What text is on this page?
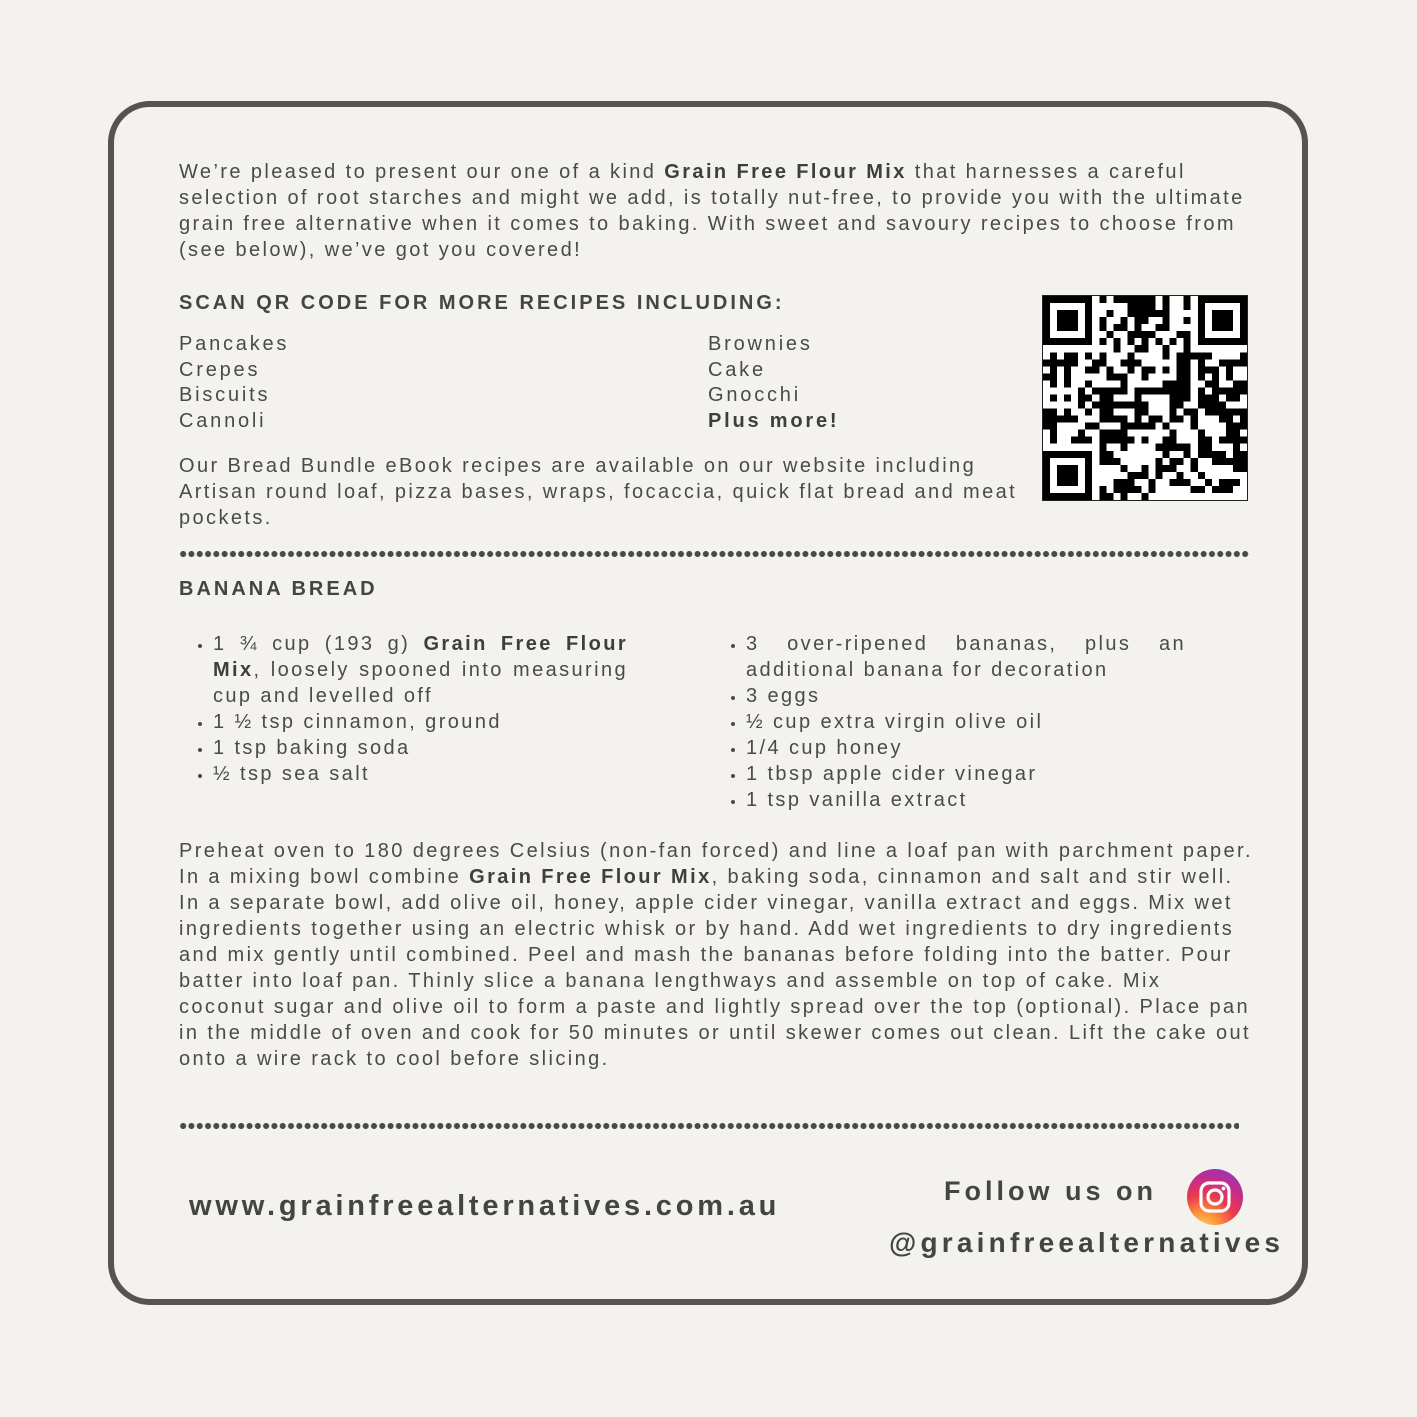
We’re pleased to present our one of a kind Grain Free Flour Mix that harnesses a careful selection of root starches and might we add, is totally nut-free, to provide you with the ultimate grain free alternative when it comes to baking. With sweet and savoury recipes to choose from (see below), we’ve got you covered!

SCAN QR CODE FOR MORE RECIPES INCLUDING:
Pancakes
Crepes
Biscuits
Cannoli
Brownies
Cake
Gnocchi
Plus more!

Our Bread Bundle eBook recipes are available on our website including Artisan round loaf, pizza bases, wraps, focaccia, quick flat bread and meat pockets.

BANANA BREAD
• 1 ¾ cup (193 g) Grain Free Flour Mix, loosely spooned into measuring cup and levelled off
• 1 ½ tsp cinnamon, ground
• 1 tsp baking soda
• ½ tsp sea salt
• 3 over-ripened bananas, plus an additional banana for decoration
• 3 eggs
• ½ cup extra virgin olive oil
• 1/4 cup honey
• 1 tbsp apple cider vinegar
• 1 tsp vanilla extract

Preheat oven to 180 degrees Celsius (non-fan forced) and line a loaf pan with parchment paper. In a mixing bowl combine Grain Free Flour Mix, baking soda, cinnamon and salt and stir well. In a separate bowl, add olive oil, honey, apple cider vinegar, vanilla extract and eggs. Mix wet ingredients together using an electric whisk or by hand. Add wet ingredients to dry ingredients and mix gently until combined. Peel and mash the bananas before folding into the batter. Pour batter into loaf pan. Thinly slice a banana lengthways and assemble on top of cake. Mix coconut sugar and olive oil to form a paste and lightly spread over the top (optional). Place pan in the middle of oven and cook for 50 minutes or until skewer comes out clean. Lift the cake out onto a wire rack to cool before slicing.

www.grainfreealternatives.com.au	Follow us on
@grainfreealternatives
